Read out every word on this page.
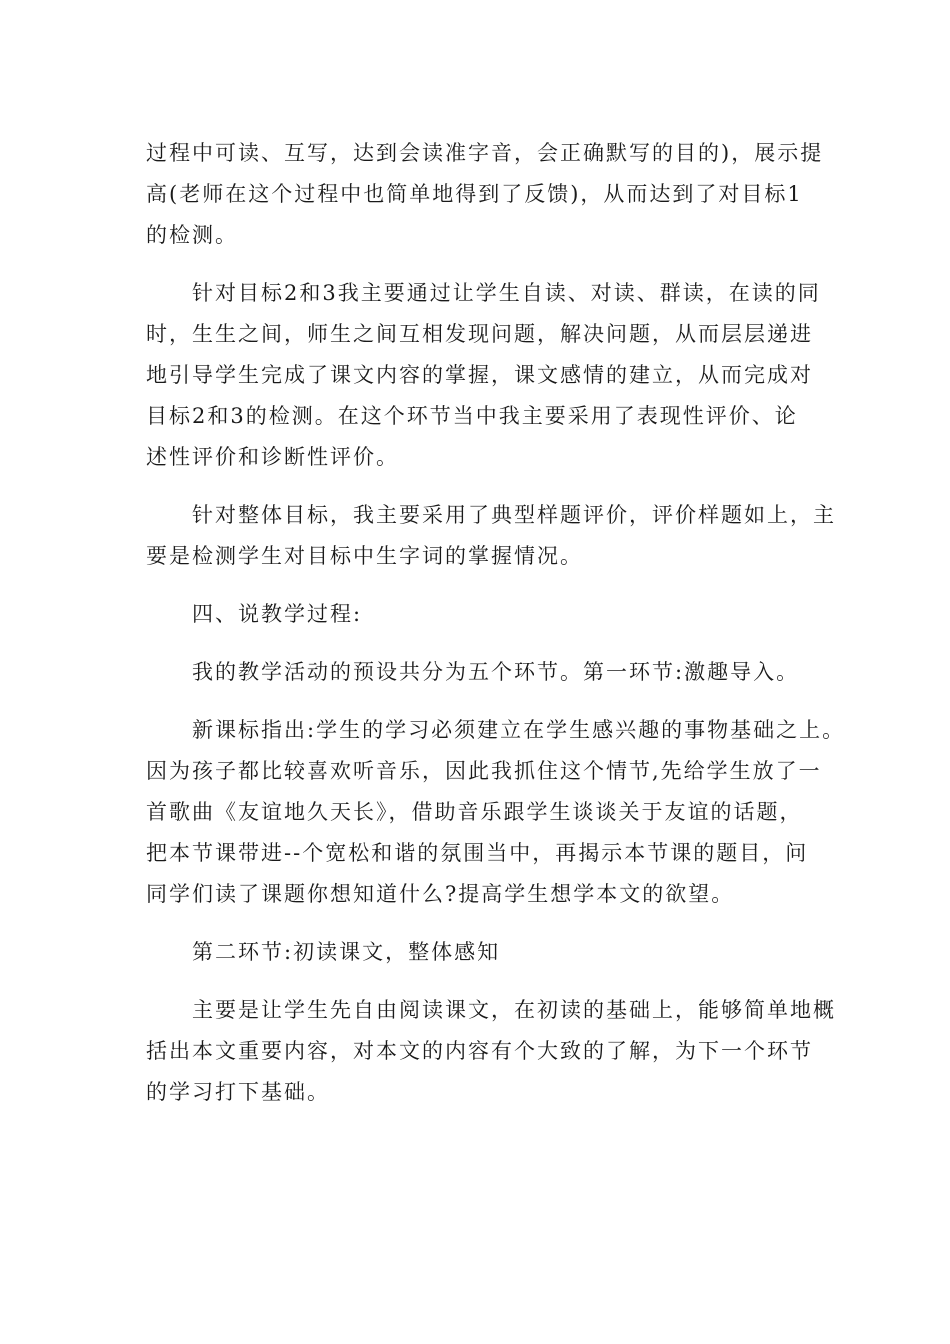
过程中可读、互写，达到会读准字音，会正确默写的目的)，展示提
高(老师在这个过程中也简单地得到了反馈)，从而达到了对目标1
的检测。
　　针对目标2和3我主要通过让学生自读、对读、群读，在读的同
时，生生之间，师生之间互相发现问题，解决问题，从而层层递进
地引导学生完成了课文内容的掌握，课文感情的建立，从而完成对
目标2和3的检测。在这个环节当中我主要采用了表现性评价、论
述性评价和诊断性评价。
　　针对整体目标，我主要采用了典型样题评价，评价样题如上，主
要是检测学生对目标中生字词的掌握情况。
　　四、说教学过程:
　　我的教学活动的预设共分为五个环节。第一环节:激趣导入。
　　新课标指出:学生的学习必须建立在学生感兴趣的事物基础之上。
因为孩子都比较喜欢听音乐，因此我抓住这个情节,先给学生放了一
首歌曲《友谊地久天长》，借助音乐跟学生谈谈关于友谊的话题，
把本节课带进--个宽松和谐的氛围当中，再揭示本节课的题目，问
同学们读了课题你想知道什么?提高学生想学本文的欲望。
　　第二环节:初读课文，整体感知
　　主要是让学生先自由阅读课文，在初读的基础上，能够简单地概
括出本文重要内容，对本文的内容有个大致的了解，为下一个环节
的学习打下基础。
